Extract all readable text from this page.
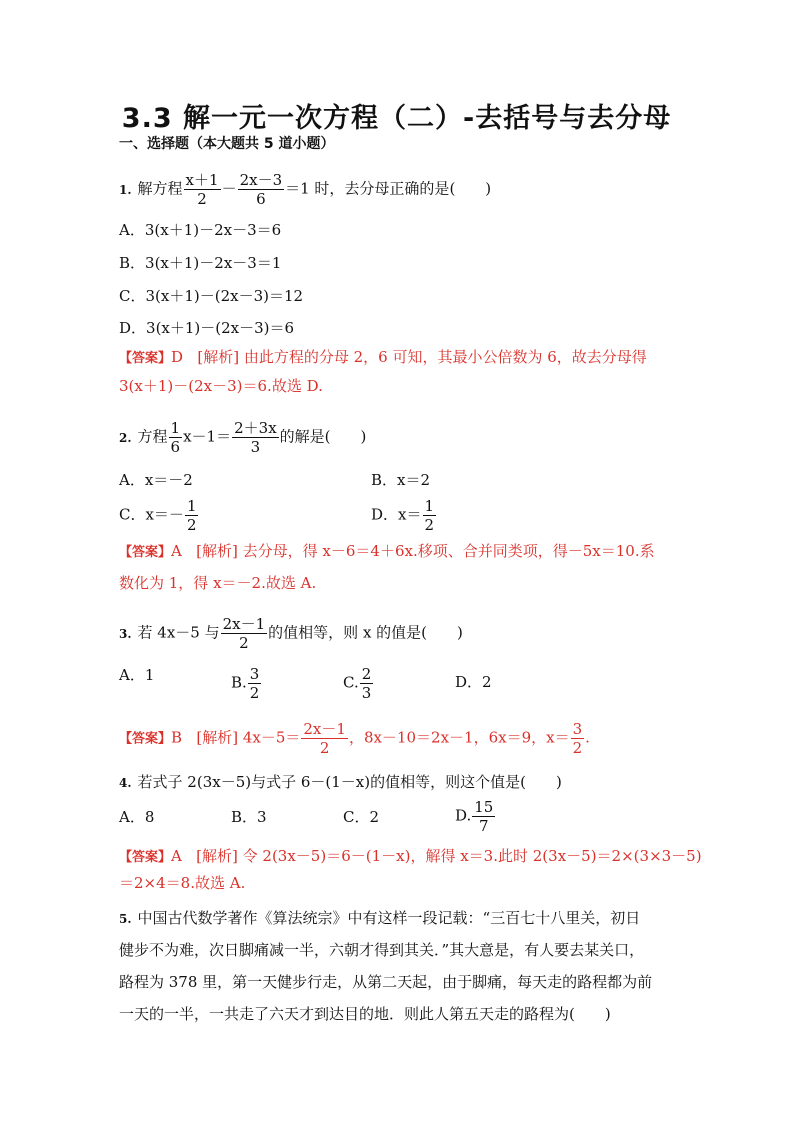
3.3 解一元一次方程（二）-去括号与去分母
一、选择题（本大题共 5 道小题）
1. 解方程 $\frac{x+1}{2} - \frac{2x-3}{6} =1$ 时，去分母正确的是(　　)
A．3(x＋1)－2x－3＝6
B．3(x＋1)－2x－3＝1
C．3(x＋1)－(2x－3)＝12
D．3(x＋1)－(2x－3)＝6
【答案】D [解析] 由此方程的分母 2，6 可知，其最小公倍数为 6，故去分母得
3(x＋1)－(2x－3)＝6.故选 D.
2. 方程 $\frac{1}{6} x-1= \frac{2+3x}{3}$ 的解是(　　)
A．x＝－2	B．x＝2
C．$x=- \frac{1}{2}$	D．$x= \frac{1}{2}$
【答案】A [解析] 去分母，得 x－6＝4＋6x.移项、合并同类项，得－5x＝10.系
数化为 1，得 x＝－2.故选 A.
3. 若 4x－5 与 $\frac{2x-1}{2}$ 的值相等，则 x 的值是(　　)
A．1	B. $\frac{3}{2}$	C. $\frac{2}{3}$	D．2
【答案】B [解析] $4x-5= \frac{2x-1}{2}$ ，8x－10＝2x－1，6x＝9，$x= \frac{3}{2}$ .
4. 若式子 2(3x－5)与式子 6－(1－x)的值相等，则这个值是(　　)
A．8	B．3	C．2	D. $\frac{15}{7}$
【答案】A [解析] 令 2(3x－5)＝6－(1－x)，解得 x＝3.此时 2(3x－5)＝2×(3×3－5)
＝2×4＝8.故选 A.
5. 中国古代数学著作《算法统宗》中有这样一段记载：“三百七十八里关，初日
健步不为难，次日脚痛减一半，六朝才得到其关．”其大意是，有人要去某关口，
路程为 378 里，第一天健步行走，从第二天起，由于脚痛，每天走的路程都为前
一天的一半，一共走了六天才到达目的地．则此人第五天走的路程为(　　)
